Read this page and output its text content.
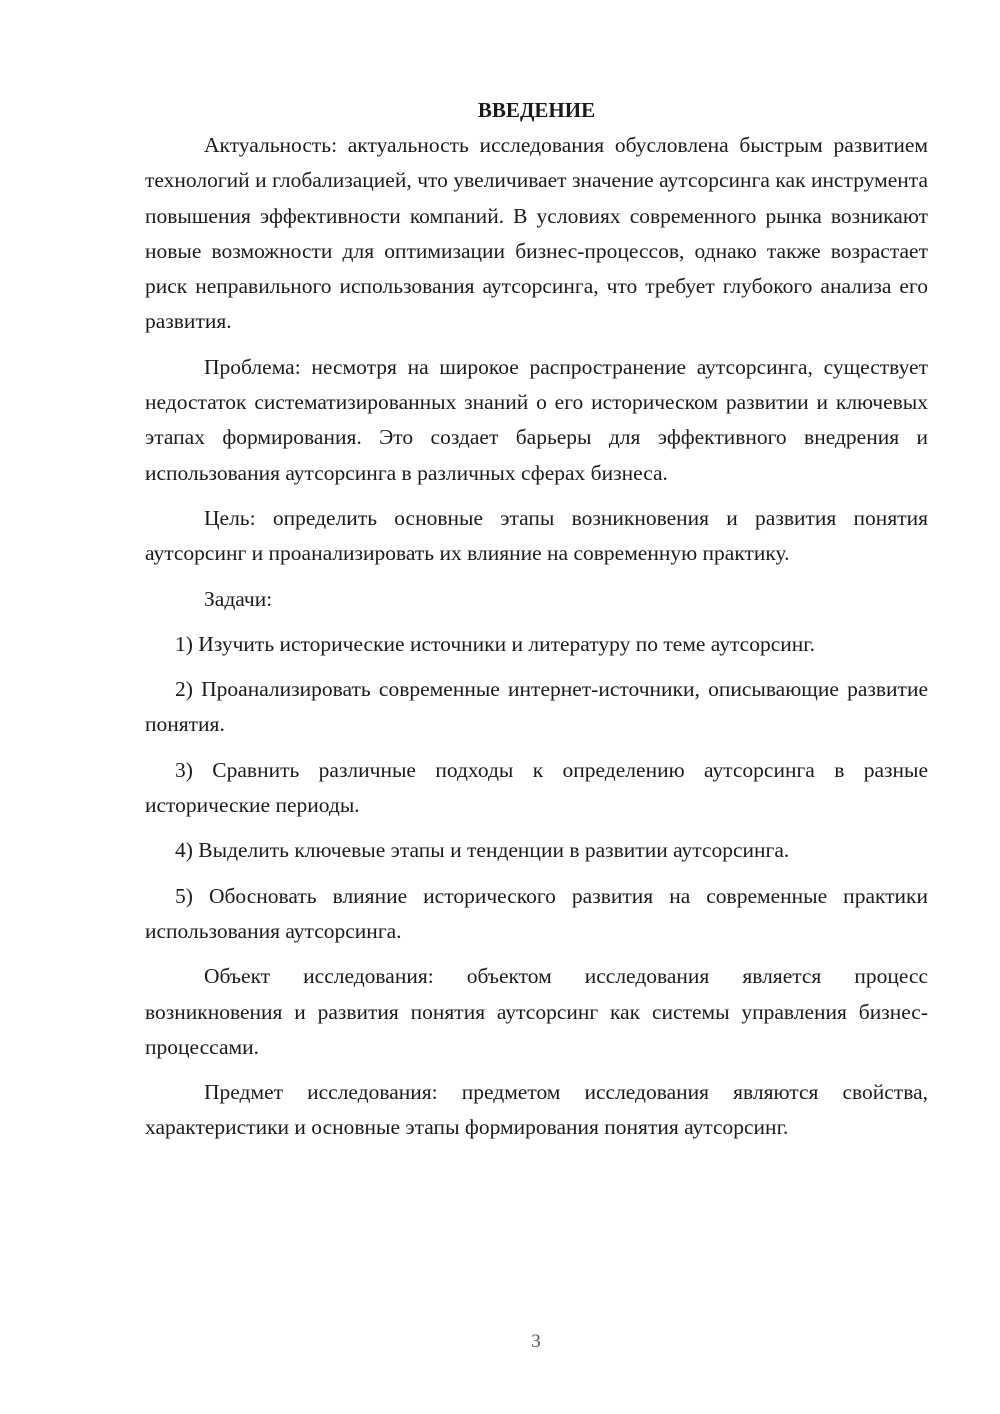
ВВЕДЕНИЕ

Актуальность: актуальность исследования обусловлена быстрым развитием технологий и глобализацией, что увеличивает значение аутсорсинга как инструмента повышения эффективности компаний. В условиях современного рынка возникают новые возможности для оптимизации бизнес-процессов, однако также возрастает риск неправильного использования аутсорсинга, что требует глубокого анализа его развития.

Проблема: несмотря на широкое распространение аутсорсинга, существует недостаток систематизированных знаний о его историческом развитии и ключевых этапах формирования. Это создает барьеры для эффективного внедрения и использования аутсорсинга в различных сферах бизнеса.

Цель: определить основные этапы возникновения и развития понятия аутсорсинг и проанализировать их влияние на современную практику.

Задачи:

1) Изучить исторические источники и литературу по теме аутсорсинг.

2) Проанализировать современные интернет-источники, описывающие развитие понятия.

3) Сравнить различные подходы к определению аутсорсинга в разные исторические периоды.

4) Выделить ключевые этапы и тенденции в развитии аутсорсинга.

5) Обосновать влияние исторического развития на современные практики использования аутсорсинга.

Объект исследования: объектом исследования является процесс возникновения и развития понятия аутсорсинг как системы управления бизнес-процессами.

Предмет исследования: предметом исследования являются свойства, характеристики и основные этапы формирования понятия аутсорсинг.

3
